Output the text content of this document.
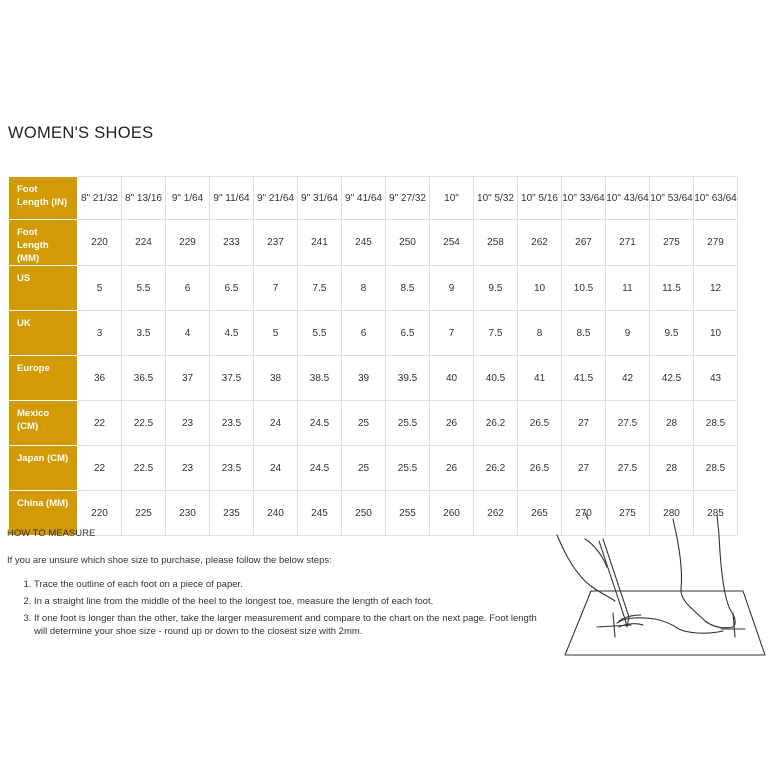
WOMEN'S SHOES
Foot Length (IN)	8" 21/32	8" 13/16	9" 1/64	9" 11/64	9" 21/64	9" 31/64	9" 41/64	9" 27/32	10"	10" 5/32	10" 5/16	10" 33/64	10" 43/64	10" 53/64	10" 63/64
Foot Length (MM)	220	224	229	233	237	241	245	250	254	258	262	267	271	275	279
US	5	5.5	6	6.5	7	7.5	8	8.5	9	9.5	10	10.5	11	11.5	12
UK	3	3.5	4	4.5	5	5.5	6	6.5	7	7.5	8	8.5	9	9.5	10
Europe	36	36.5	37	37.5	38	38.5	39	39.5	40	40.5	41	41.5	42	42.5	43
Mexico (CM)	22	22.5	23	23.5	24	24.5	25	25.5	26	26.2	26.5	27	27.5	28	28.5
Japan (CM)	22	22.5	23	23.5	24	24.5	25	25.5	26	26.2	26.5	27	27.5	28	28.5
China (MM)	220	225	230	235	240	245	250	255	260	262	265	270	275	280	285
HOW TO MEASURE
If you are unsure which shoe size to purchase, please follow the below steps:
1. Trace the outline of each foot on a piece of paper.
2. In a straight line from the middle of the heel to the longest toe, measure the length of each foot.
3. If one foot is longer than the other, take the larger measurement and compare to the chart on the next page. Foot length will determine your shoe size - round up or down to the closest size with 2mm.
